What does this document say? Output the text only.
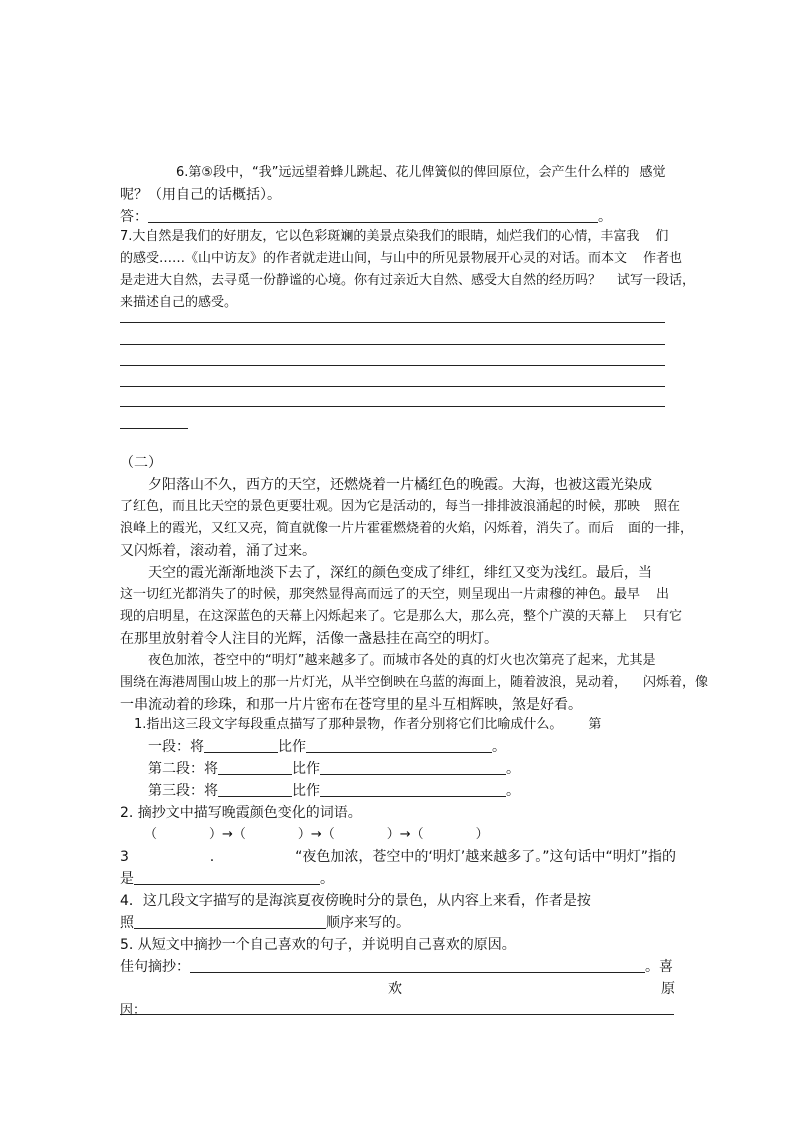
6.第⑤段中，“我”远远望着蜂儿跳起、花儿俾簧似的俾回原位，会产生什么样的 感觉
呢？（用自己的话概括）。
答：	。
7.大自然是我们的好朋友，它以色彩斑斓的美景点染我们的眼睛，灿烂我们的心情，丰富我 们
的感受……《山中访友》的作者就走进山间，与山中的所见景物展开心灵的对话。而本文 作者也
是走进大自然，去寻觅一份静谧的心境。你有过亲近大自然、感受大自然的经历吗？ 试写一段话，
来描述自己的感受。
（二）
夕阳落山不久，西方的天空，还燃烧着一片橘红色的晚霞。大海，也被这霞光染成
了红色，而且比天空的景色更要壮观。因为它是活动的，每当一排排波浪涌起的时候，那映 照在
浪峰上的霞光，又红又亮，简直就像一片片霍霍燃烧着的火焰，闪烁着，消失了。而后 面的一排，
又闪烁着，滚动着，涌了过来。
天空的霞光渐渐地淡下去了，深红的颜色变成了绯红，绯红又变为浅红。最后，当
这一切红光都消失了的时候，那突然显得高而远了的天空，则呈现出一片肃穆的神色。最早 出
现的启明星，在这深蓝色的天幕上闪烁起来了。它是那么大，那么亮，整个广漠的天幕上 只有它
在那里放射着令人注目的光辉，活像一盏悬挂在高空的明灯。
夜色加浓，苍空中的“明灯”越来越多了。而城市各处的真的灯火也次第亮了起来，尤其是
围绕在海港周围山坡上的那一片灯光，从半空倒映在乌蓝的海面上，随着波浪，晃动着， 闪烁着，像
一串流动着的珍珠，和那一片片密布在苍穹里的星斗互相辉映，煞是好看。
1.指出这三段文字每段重点描写了那种景物，作者分别将它们比喻成什么。 第
一段：将	比作	。
第二段：将	比作	。
第三段：将	比作	。
2. 摘抄文中描写晚霞颜色变化的词语。
（　　　　）→（　　　　）→（　　　　）→（　　　　）
3	.	“夜色加浓，苍空中的‘明灯’越来越多了。”这句话中“明灯”指的
是	。
4．这几段文字描写的是海滨夏夜傍晚时分的景色，从内容上来看，作者是按
照	顺序来写的。
5. 从短文中摘抄一个自己喜欢的句子，并说明自己喜欢的原因。
佳句摘抄：	。喜
欢	原
因：
